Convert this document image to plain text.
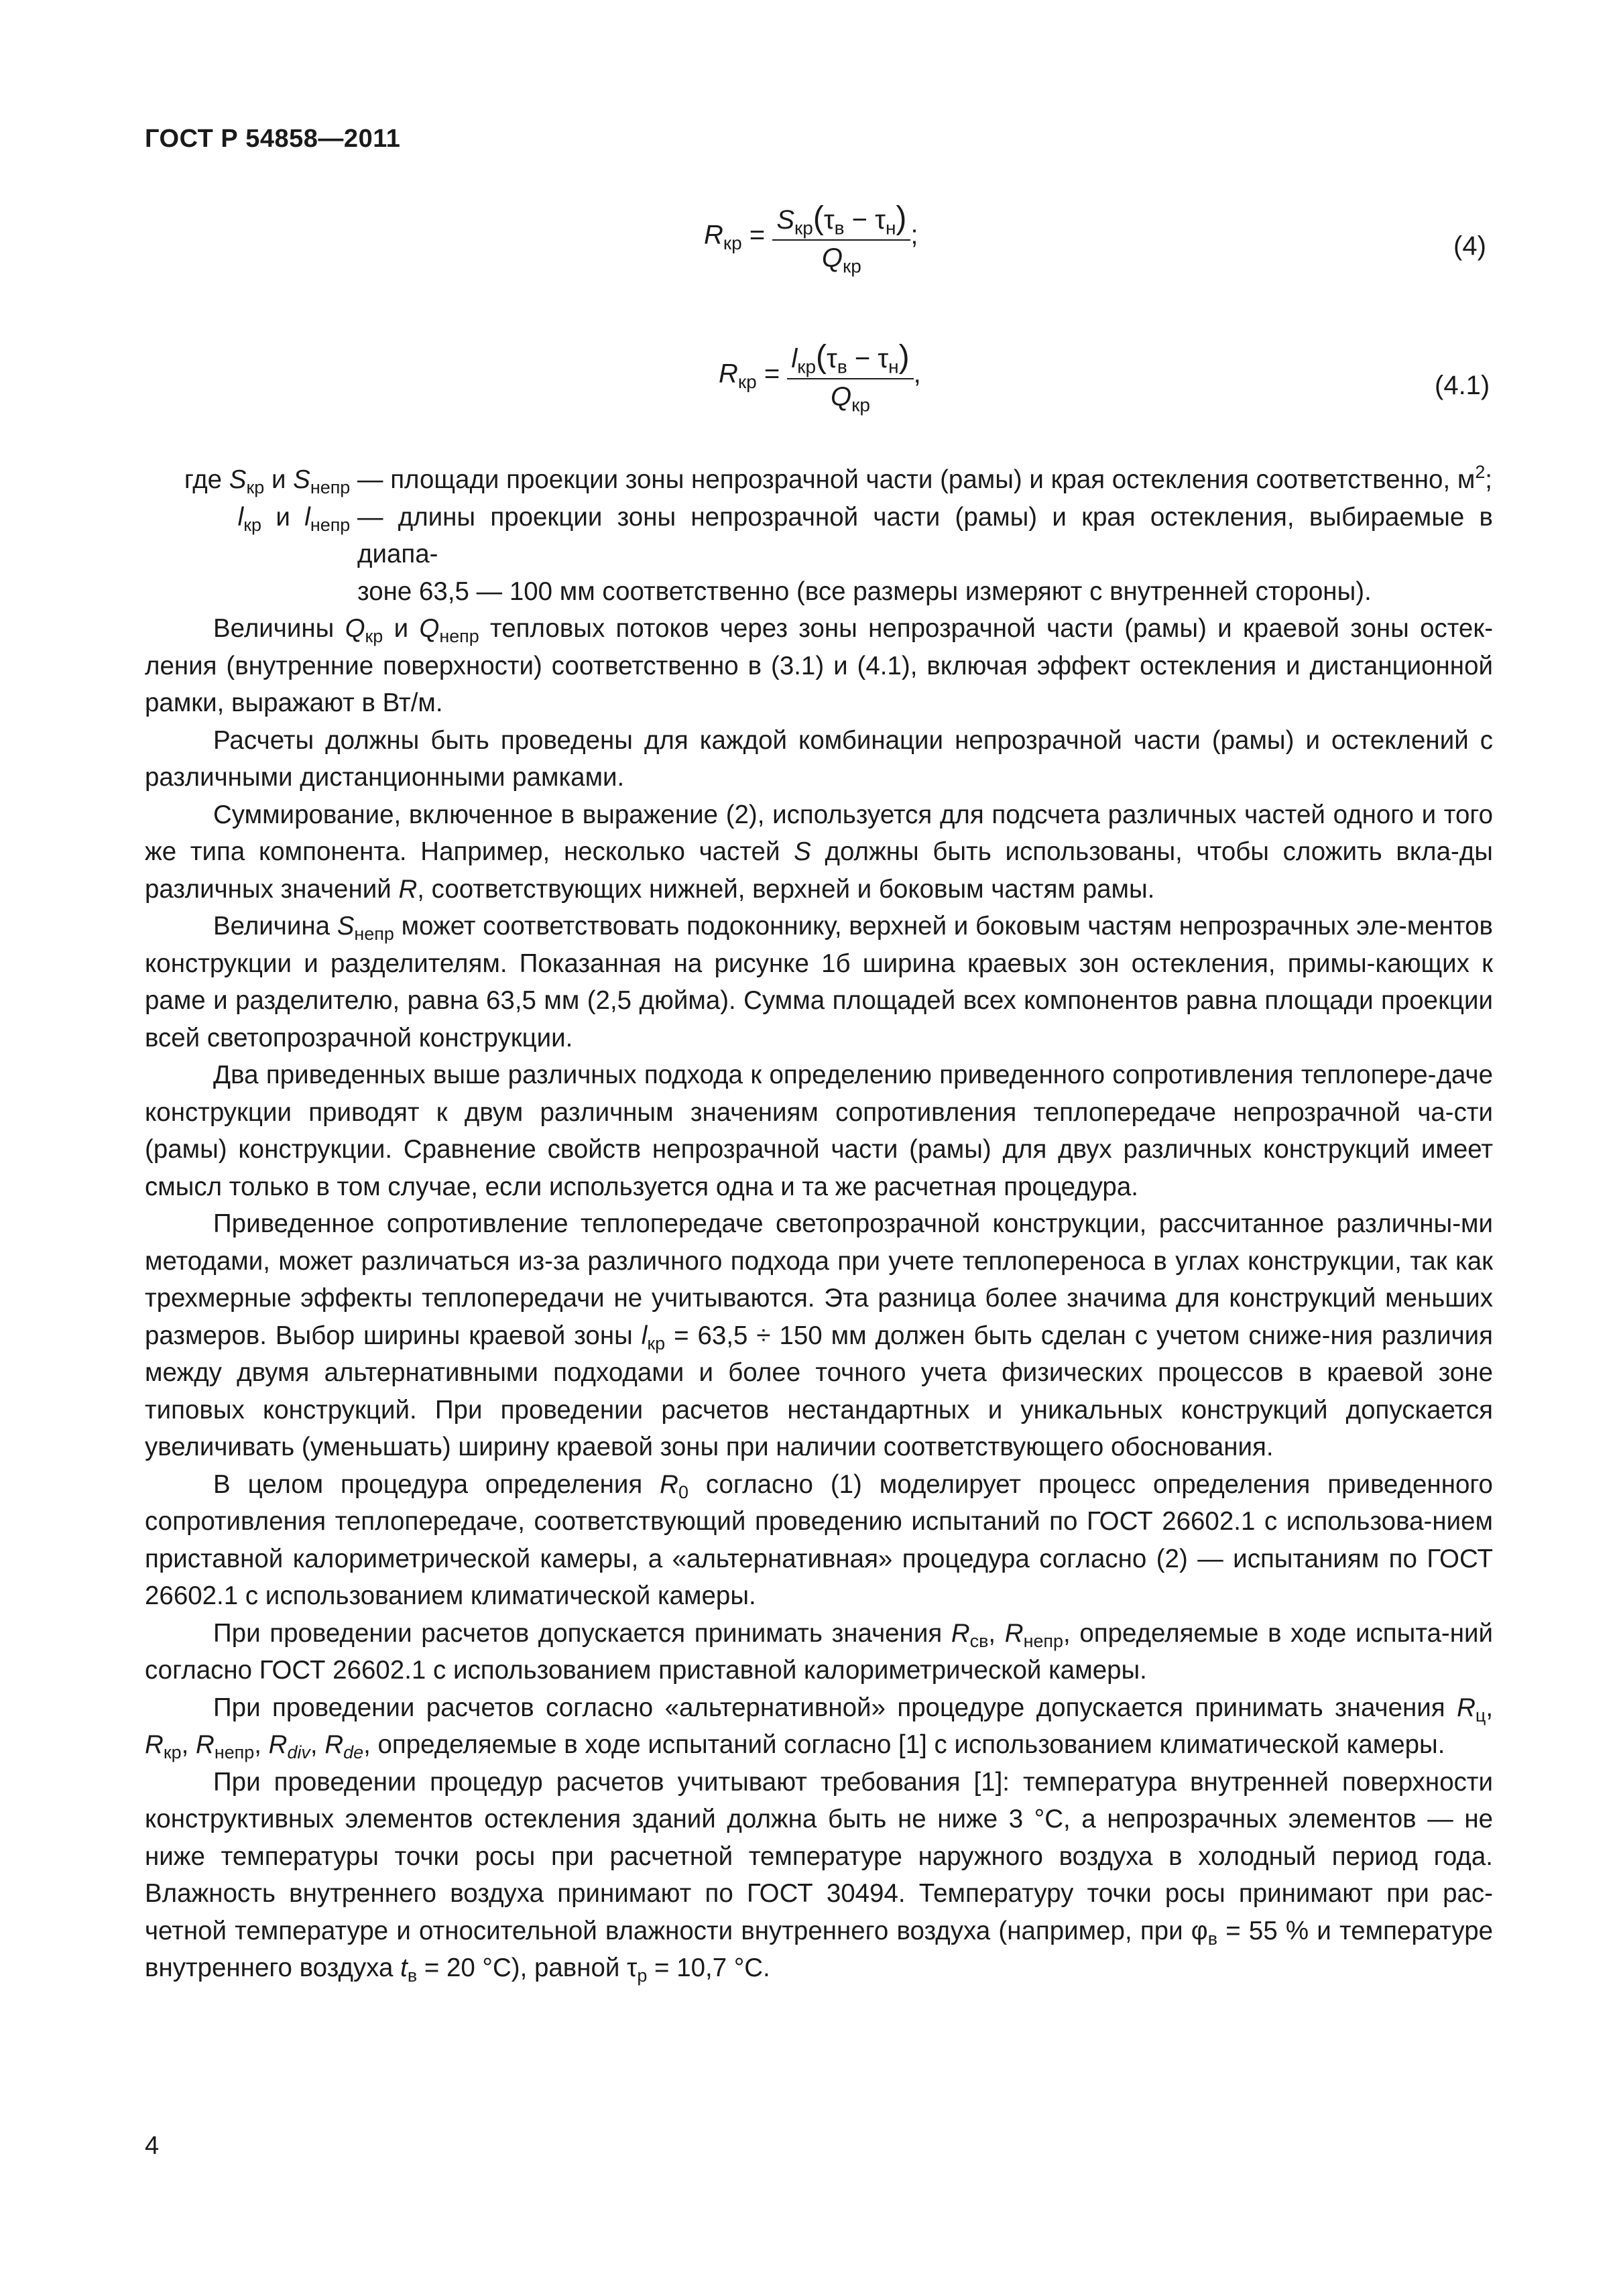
ГОСТ Р 54858—2011
$R_{кр} = \frac{S_{кр}(\tau_в - \tau_н)}{Q_{кр}}$ ;	(4)
$R_{кр} = \frac{l_{кр}(\tau_в - \tau_н)}{Q_{кр}}$ ,	(4.1)
где $S_{кр}$ и $S_{непр}$ — площади проекции зоны непрозрачной части (рамы) и края остекления соответственно, $м^2$;
$l_{кр}$ и $l_{непр}$ — длины проекции зоны непрозрачной части (рамы) и края остекления, выбираемые в диапа-
зоне 63,5 — 100 мм соответственно (все размеры измеряют с внутренней стороны).

Величины $Q_{кр}$ и $Q_{непр}$ тепловых потоков через зоны непрозрачной части (рамы) и краевой зоны остек-ления (внутренние поверхности) соответственно в (3.1) и (4.1), включая эффект остекления и дистанционной рамки, выражают в Вт/м.

Расчеты должны быть проведены для каждой комбинации непрозрачной части (рамы) и остеклений с различными дистанционными рамками.

Суммирование, включенное в выражение (2), используется для подсчета различных частей одного и того же типа компонента. Например, несколько частей S должны быть использованы, чтобы сложить вкла-ды различных значений R, соответствующих нижней, верхней и боковым частям рамы.

Величина $S_{непр}$ может соответствовать подоконнику, верхней и боковым частям непрозрачных эле-ментов конструкции и разделителям. Показанная на рисунке 1б ширина краевых зон остекления, примы-кающих к раме и разделителю, равна 63,5 мм (2,5 дюйма). Сумма площадей всех компонентов равна площади проекции всей светопрозрачной конструкции.

Два приведенных выше различных подхода к определению приведенного сопротивления теплопере-даче конструкции приводят к двум различным значениям сопротивления теплопередаче непрозрачной ча-сти (рамы) конструкции. Сравнение свойств непрозрачной части (рамы) для двух различных конструкций имеет смысл только в том случае, если используется одна и та же расчетная процедура.

Приведенное сопротивление теплопередаче светопрозрачной конструкции, рассчитанное различны-ми методами, может различаться из-за различного подхода при учете теплопереноса в углах конструкции, так как трехмерные эффекты теплопередачи не учитываются. Эта разница более значима для конструкций меньших размеров. Выбор ширины краевой зоны $l_{кр} = 63,5 \div 150$ мм должен быть сделан с учетом сниже-ния различия между двумя альтернативными подходами и более точного учета физических процессов в краевой зоне типовых конструкций. При проведении расчетов нестандартных и уникальных конструкций допускается увеличивать (уменьшать) ширину краевой зоны при наличии соответствующего обоснования.

В целом процедура определения $R_0$ согласно (1) моделирует процесс определения приведенного сопротивления теплопередаче, соответствующий проведению испытаний по ГОСТ 26602.1 с использова-нием приставной калориметрической камеры, а «альтернативная» процедура согласно (2) — испытаниям по ГОСТ 26602.1 с использованием климатической камеры.

При проведении расчетов допускается принимать значения $R_{св}$, $R_{непр}$, определяемые в ходе испыта-ний согласно ГОСТ 26602.1 с использованием приставной калориметрической камеры.

При проведении расчетов согласно «альтернативной» процедуре допускается принимать значения $R_ц$, $R_{кр}$, $R_{непр}$, $R_{div}$, $R_{de}$, определяемые в ходе испытаний согласно [1] с использованием климатической камеры.

При проведении процедур расчетов учитывают требования [1]: температура внутренней поверхности конструктивных элементов остекления зданий должна быть не ниже 3 °С, а непрозрачных элементов — не ниже температуры точки росы при расчетной температуре наружного воздуха в холодный период года. Влажность внутреннего воздуха принимают по ГОСТ 30494. Температуру точки росы принимают при рас-четной температуре и относительной влажности внутреннего воздуха (например, при $\varphi_в = 55$ % и температуре внутреннего воздуха $t_в = 20$ °С), равной $\tau_р = 10,7$ °С.

4
